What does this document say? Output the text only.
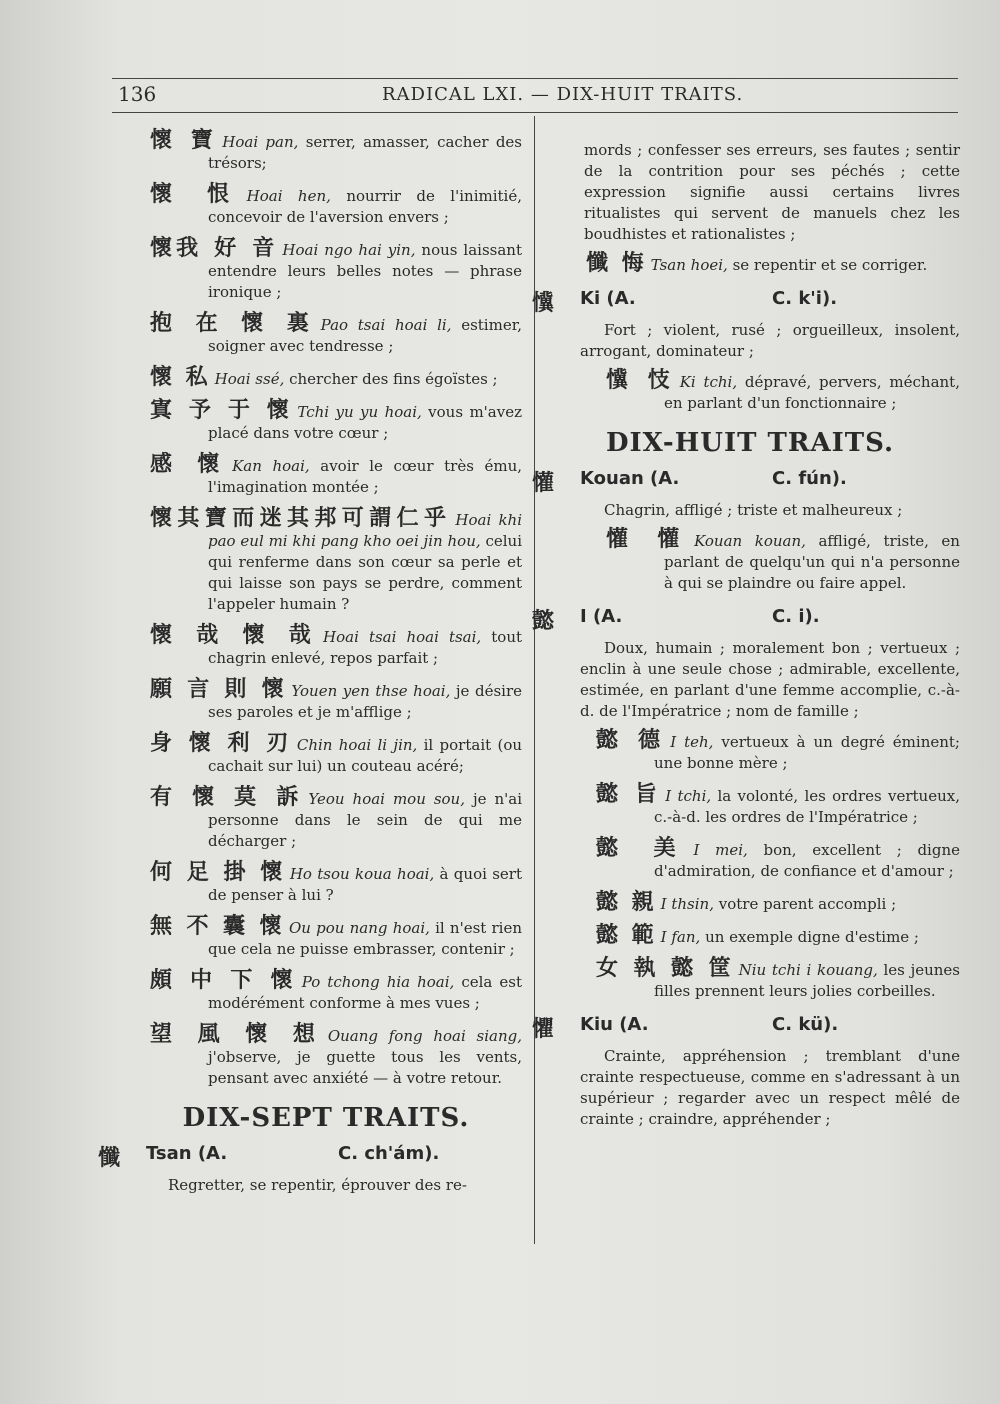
136	RADICAL LXI. — DIX-HUIT TRAITS.
懷 寶 Hoai pan, serrer, amasser, cacher des trésors;
懷 恨 Hoai hen, nourrir de l'inimitié, concevoir de l'aversion envers ;
懷我 好 音 Hoai ngo hai yin, nous laissant entendre leurs belles notes — phrase ironique ;
抱 在 懷 裏 Pao tsai hoai li, estimer, soigner avec tendresse ;
懷 私 Hoai ssé, chercher des fins égoïstes ;
寘 予 于 懷 Tchi yu yu hoai, vous m'avez placé dans votre cœur ;
感 懷 Kan hoai, avoir le cœur très ému, l'imagination montée ;
懷其寶而迷其邦可謂仁乎 Hoai khi pao eul mi khi pang kho oei jin hou, celui qui renferme dans son cœur sa perle et qui laisse son pays se perdre, comment l'appeler humain ?
懷 哉 懷 哉 Hoai tsai hoai tsai, tout chagrin enlevé, repos parfait ;
願 言 則 懷 Youen yen thse hoai, je désire ses paroles et je m'afflige ;
身 懷 利 刃 Chin hoai li jin, il portait (ou cachait sur lui) un couteau acéré;
有 懷 莫 訴 Yeou hoai mou sou, je n'ai personne dans le sein de qui me décharger ;
何 足 掛 懷 Ho tsou koua hoai, à quoi sert de penser à lui ?
無 不 囊 懷 Ou pou nang hoai, il n'est rien que cela ne puisse embrasser, contenir ;
頗 中 下 懷 Po tchong hia hoai, cela est modérément conforme à mes vues ;
望 風 懷 想 Ouang fong hoai siang, j'observe, je guette tous les vents, pensant avec anxiété — à votre retour.
DIX-SEPT TRAITS.
懺 Tsan (A.	C. ch'ám).
Regretter, se repentir, éprouver des re-
mords ; confesser ses erreurs, ses fautes ; sentir de la contrition pour ses péchés ; cette expression signifie aussi certains livres ritualistes qui servent de manuels chez les boudhistes et rationalistes ;
懺 悔 Tsan hoei, se repentir et se corriger.
懻 Ki (A.	C. k'i).
Fort ; violent, rusé ; orgueilleux, insolent, arrogant, dominateur ;
懻 忮 Ki tchi, dépravé, pervers, méchant, en parlant d'un fonctionnaire ;
DIX-HUIT TRAITS.
懽 Kouan (A.	C. fún).
Chagrin, affligé ; triste et malheureux ;
懽 懽 Kouan kouan, affligé, triste, en parlant de quelqu'un qui n'a personne à qui se plaindre ou faire appel.
懿 I (A.	C. i).
Doux, humain ; moralement bon ; vertueux ; enclin à une seule chose ; admirable, excellente, estimée, en parlant d'une femme accomplie, c.-à-d. de l'Impératrice ; nom de famille ;
懿 德 I teh, vertueux à un degré éminent; une bonne mère ;
懿 旨 I tchi, la volonté, les ordres vertueux, c.-à-d. les ordres de l'Impératrice ;
懿 美 I mei, bon, excellent ; digne d'admiration, de confiance et d'amour ;
懿 親 I thsin, votre parent accompli ;
懿 範 I fan, un exemple digne d'estime ;
女 執 懿 筐 Niu tchi i kouang, les jeunes filles prennent leurs jolies corbeilles.
懼 Kiu (A.	C. kü).
Crainte, appréhension ; tremblant d'une crainte respectueuse, comme en s'adressant à un supérieur ; regarder avec un respect mêlé de crainte ; craindre, appréhender ;
